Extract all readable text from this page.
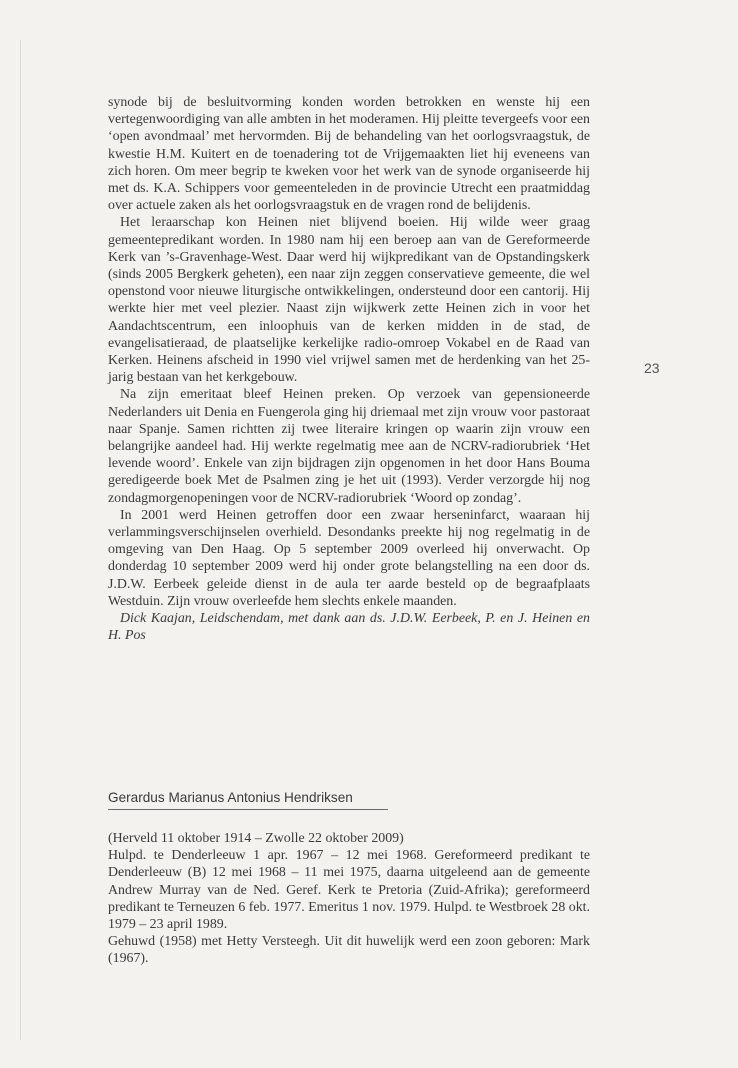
synode bij de besluitvorming konden worden betrokken en wenste hij een vertegenwoordiging van alle ambten in het moderamen. Hij pleitte tevergeefs voor een ‘open avondmaal’ met hervormden. Bij de behandeling van het oorlogsvraagstuk, de kwestie H.M. Kuitert en de toenadering tot de Vrijgemaakten liet hij eveneens van zich horen. Om meer begrip te kweken voor het werk van de synode organiseerde hij met ds. K.A. Schippers voor gemeenteleden in de provincie Utrecht een praatmiddag over actuele zaken als het oorlogsvraagstuk en de vragen rond de belijdenis.

Het leraarschap kon Heinen niet blijvend boeien. Hij wilde weer graag gemeentepredikant worden. In 1980 nam hij een beroep aan van de Gereformeerde Kerk van ’s-Gravenhage-West. Daar werd hij wijkpredikant van de Opstandingskerk (sinds 2005 Bergkerk geheten), een naar zijn zeggen conservatieve gemeente, die wel openstond voor nieuwe liturgische ontwikkelingen, ondersteund door een cantorij. Hij werkte hier met veel plezier. Naast zijn wijkwerk zette Heinen zich in voor het Aandachtscentrum, een inloophuis van de kerken midden in de stad, de evangelisatieraad, de plaatselijke kerkelijke radio-omroep Vokabel en de Raad van Kerken. Heinens afscheid in 1990 viel vrijwel samen met de herdenking van het 25-jarig bestaan van het kerkgebouw.

Na zijn emeritaat bleef Heinen preken. Op verzoek van gepensioneerde Nederlanders uit Denia en Fuengerola ging hij driemaal met zijn vrouw voor pastoraat naar Spanje. Samen richtten zij twee literaire kringen op waarin zijn vrouw een belangrijke aandeel had. Hij werkte regelmatig mee aan de NCRV-radiorubriek ‘Het levende woord’. Enkele van zijn bijdragen zijn opgenomen in het door Hans Bouma geredigeerde boek Met de Psalmen zing je het uit (1993). Verder verzorgde hij nog zondagmorgenopeningen voor de NCRV-radiorubriek ‘Woord op zondag’.

In 2001 werd Heinen getroffen door een zwaar herseninfarct, waaraan hij verlammingsverschijnselen overhield. Desondanks preekte hij nog regelmatig in de omgeving van Den Haag. Op 5 september 2009 overleed hij onverwacht. Op donderdag 10 september 2009 werd hij onder grote belangstelling na een door ds. J.D.W. Eerbeek geleide dienst in de aula ter aarde besteld op de begraafplaats Westduin. Zijn vrouw overleefde hem slechts enkele maanden.

Dick Kaajan, Leidschendam, met dank aan ds. J.D.W. Eerbeek, P. en J. Heinen en H. Pos

23
Gerardus Marianus Antonius Hendriksen

(Herveld 11 oktober 1914 – Zwolle 22 oktober 2009)

Hulpd. te Denderleeuw 1 apr. 1967 – 12 mei 1968. Gereformeerd predikant te Denderleeuw (B) 12 mei 1968 – 11 mei 1975, daarna uitgeleend aan de gemeente Andrew Murray van de Ned. Geref. Kerk te Pretoria (Zuid-Afrika); gereformeerd predikant te Terneuzen 6 feb. 1977. Emeritus 1 nov. 1979. Hulpd. te Westbroek 28 okt. 1979 – 23 april 1989.

Gehuwd (1958) met Hetty Versteegh. Uit dit huwelijk werd een zoon geboren: Mark (1967).
